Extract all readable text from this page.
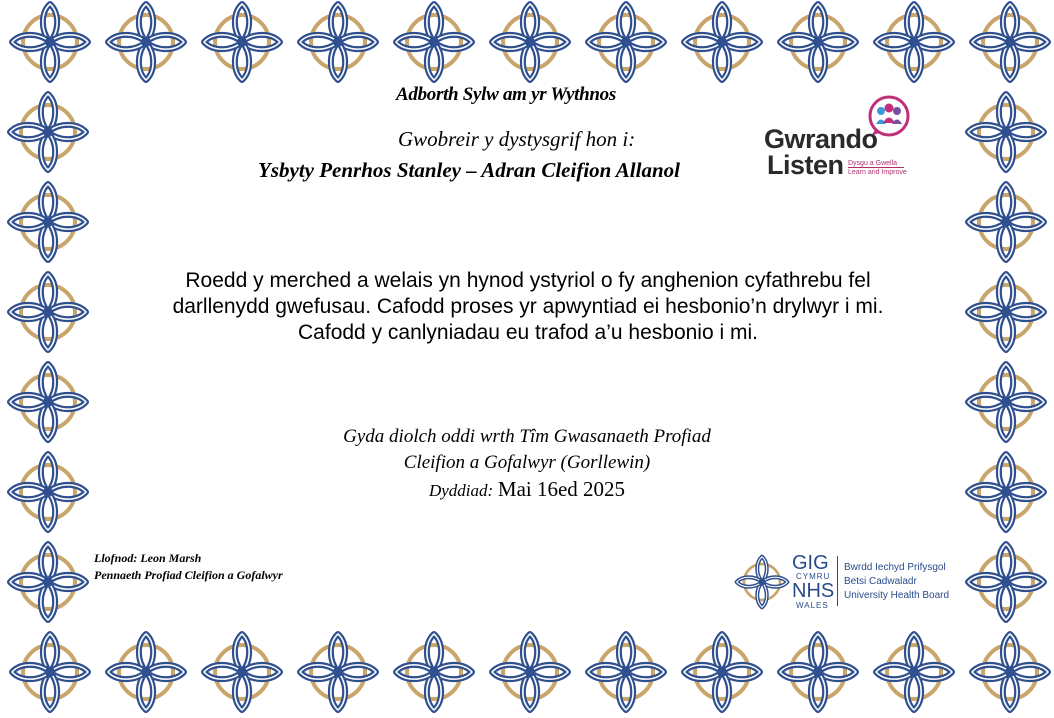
Adborth Sylw am yr Wythnos

Gwobreir y dystysgrif hon i:

Ysbyty Penrhos Stanley – Adran Cleifion Allanol

Gwrando
Listen Dysgu a Gwella
Learn and Improve

Roedd y merched a welais yn hynod ystyriol o fy anghenion cyfathrebu fel
darllenydd gwefusau. Cafodd proses yr apwyntiad ei hesbonio’n drylwyr i mi.
Cafodd y canlyniadau eu trafod a’u hesbonio i mi.

Gyda diolch oddi wrth Tîm Gwasanaeth Profiad

Cleifion a Gofalwyr (Gorllewin)

Dyddiad: Mai 16ed 2025

Llofnod: Leon Marsh

Pennaeth Profiad Cleifion a Gofalwyr

GIG
CYMRU
NHS
WALES
Bwrdd Iechyd Prifysgol
Betsi Cadwaladr
University Health Board
